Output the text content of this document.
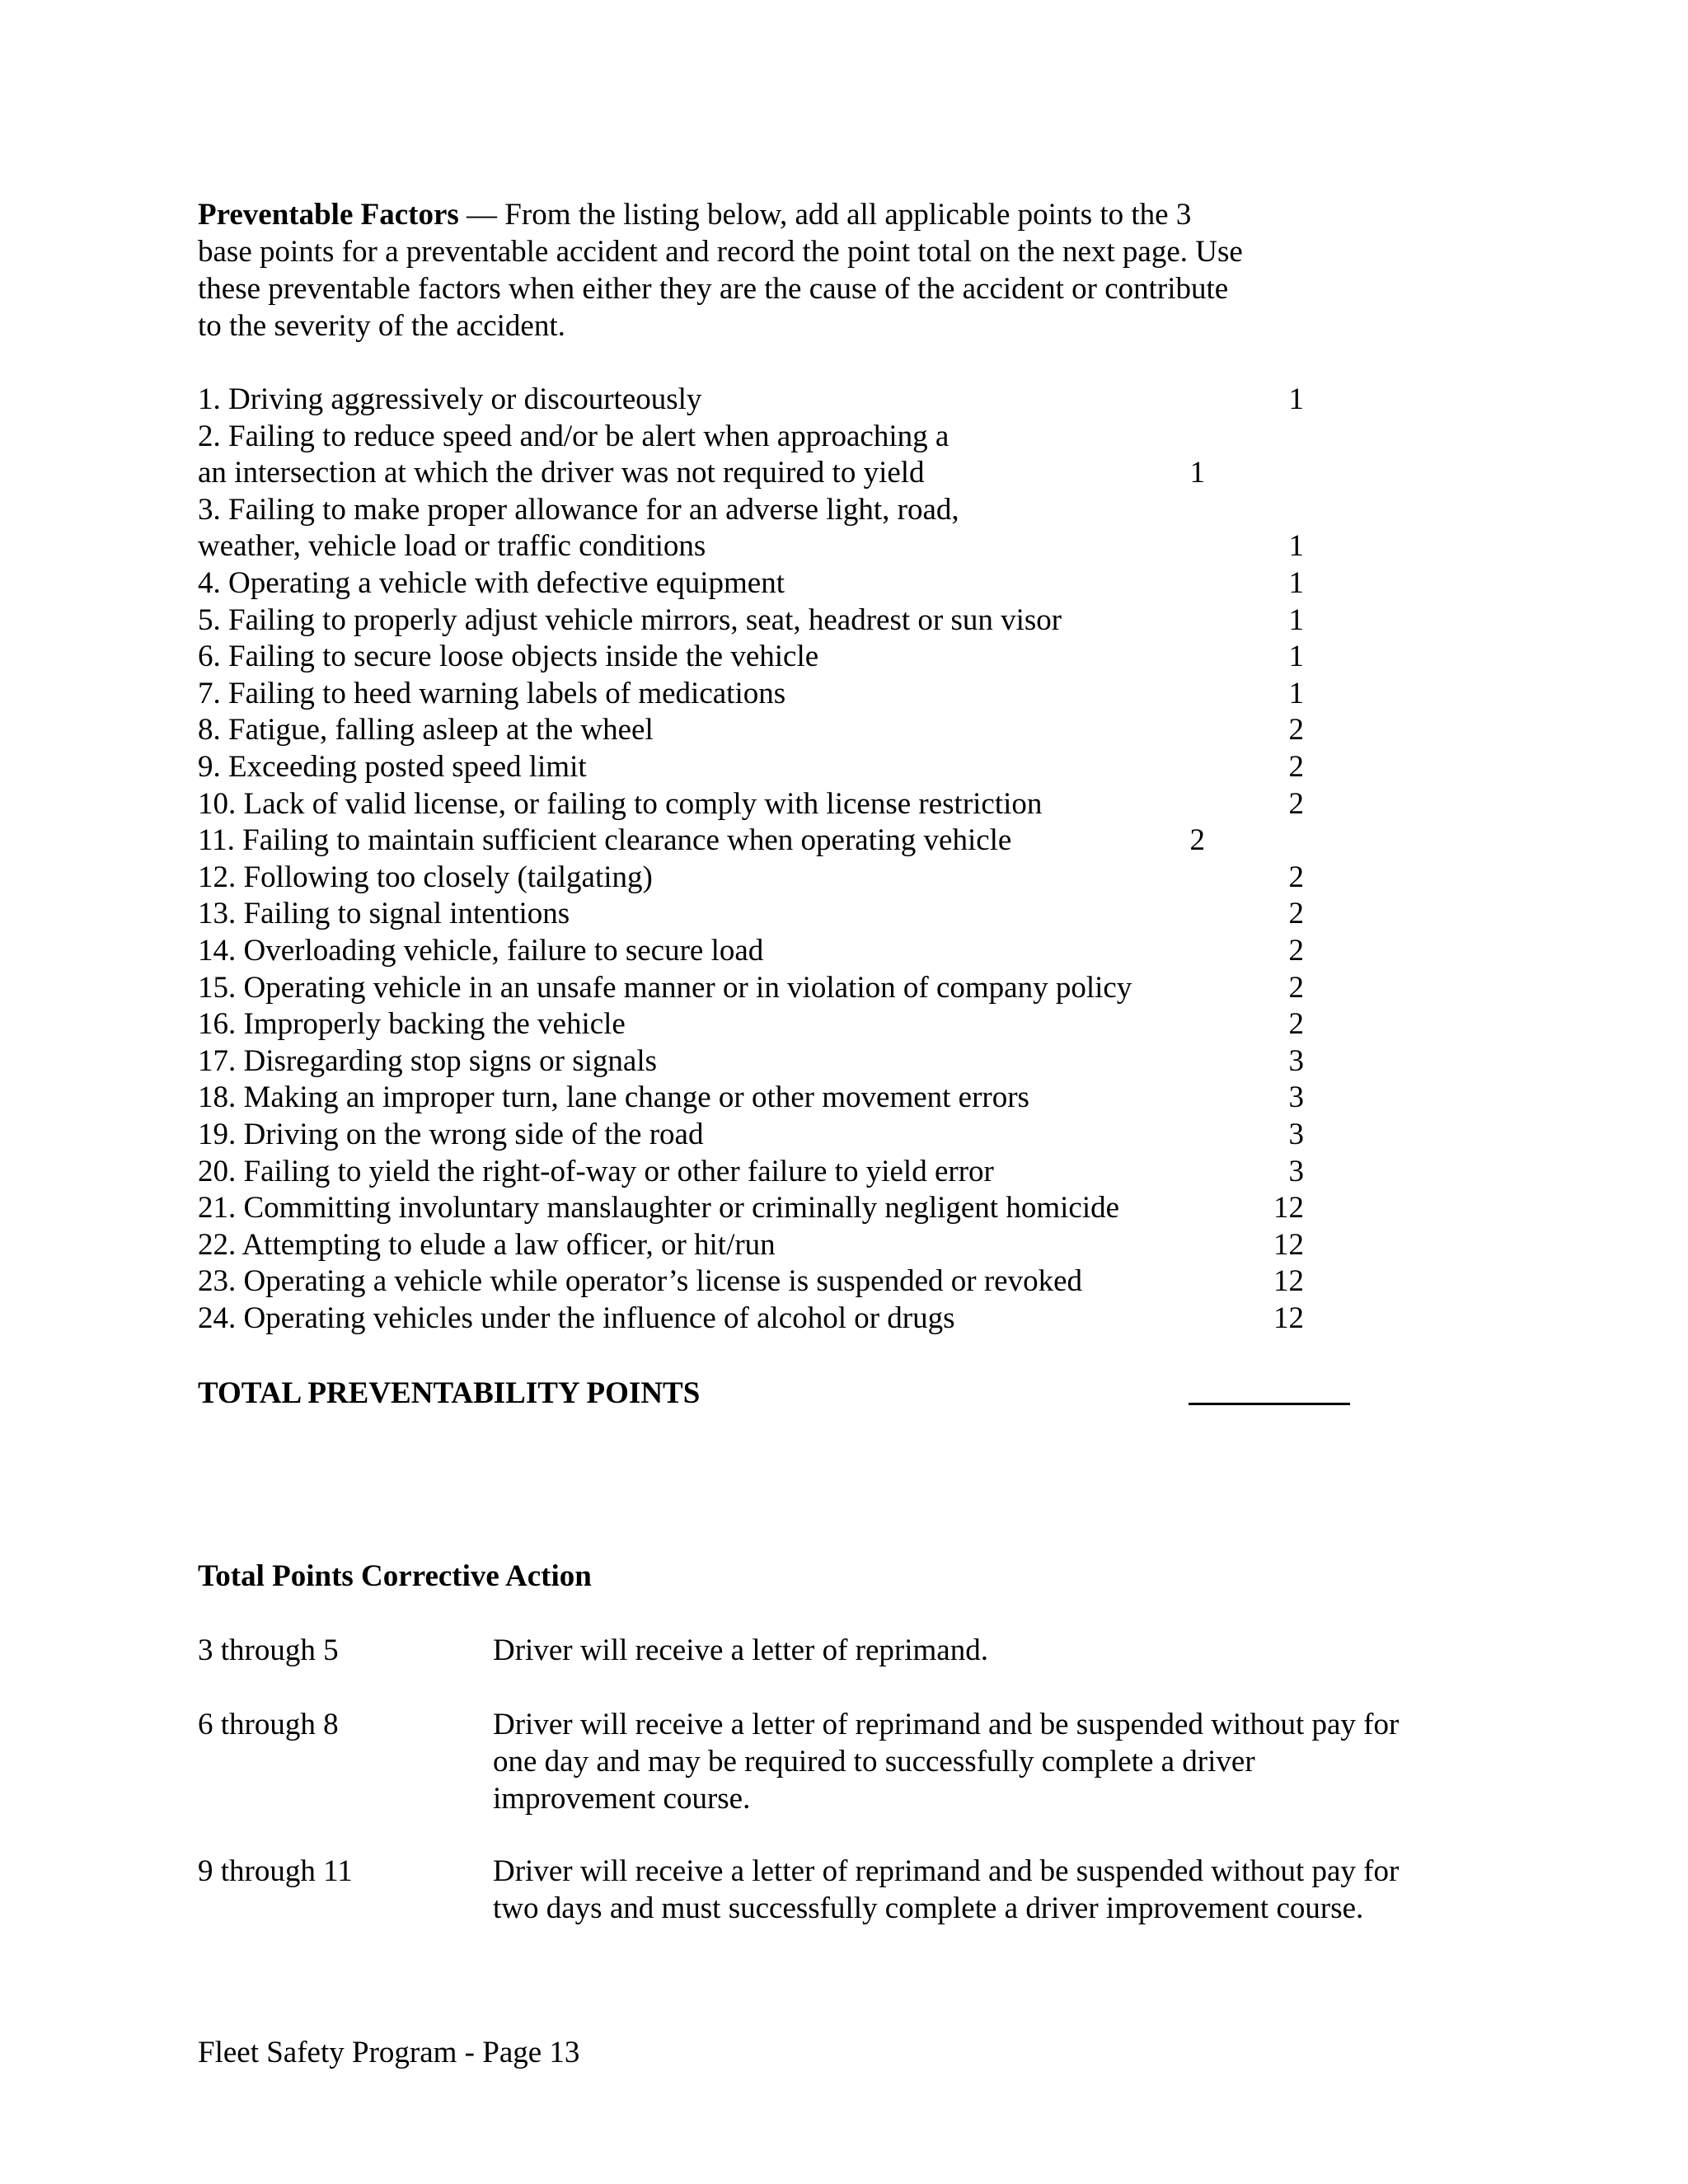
Preventable Factors — From the listing below, add all applicable points to the 3 base points for a preventable accident and record the point total on the next page. Use these preventable factors when either they are the cause of the accident or contribute to the severity of the accident.
1. Driving aggressively or discourteously	1
2. Failing to reduce speed and/or be alert when approaching a
an intersection at which the driver was not required to yield	1
3. Failing to make proper allowance for an adverse light, road,
weather, vehicle load or traffic conditions	1
4. Operating a vehicle with defective equipment	1
5. Failing to properly adjust vehicle mirrors, seat, headrest or sun visor	1
6. Failing to secure loose objects inside the vehicle	1
7. Failing to heed warning labels of medications	1
8. Fatigue, falling asleep at the wheel	2
9. Exceeding posted speed limit	2
10. Lack of valid license, or failing to comply with license restriction	2
11. Failing to maintain sufficient clearance when operating vehicle	2
12. Following too closely (tailgating)	2
13. Failing to signal intentions	2
14. Overloading vehicle, failure to secure load	2
15. Operating vehicle in an unsafe manner or in violation of company policy	2
16. Improperly backing the vehicle	2
17. Disregarding stop signs or signals	3
18. Making an improper turn, lane change or other movement errors	3
19. Driving on the wrong side of the road	3
20. Failing to yield the right-of-way or other failure to yield error	3
21. Committing involuntary manslaughter or criminally negligent homicide	12
22. Attempting to elude a law officer, or hit/run	12
23. Operating a vehicle while operator’s license is suspended or revoked	12
24. Operating vehicles under the influence of alcohol or drugs	12
TOTAL PREVENTABILITY POINTS
Total Points Corrective Action
3 through 5	Driver will receive a letter of reprimand.
6 through 8	Driver will receive a letter of reprimand and be suspended without pay for
one day and may be required to successfully complete a driver
improvement course.
9 through 11	Driver will receive a letter of reprimand and be suspended without pay for
two days and must successfully complete a driver improvement course.
Fleet Safety Program - Page 13
